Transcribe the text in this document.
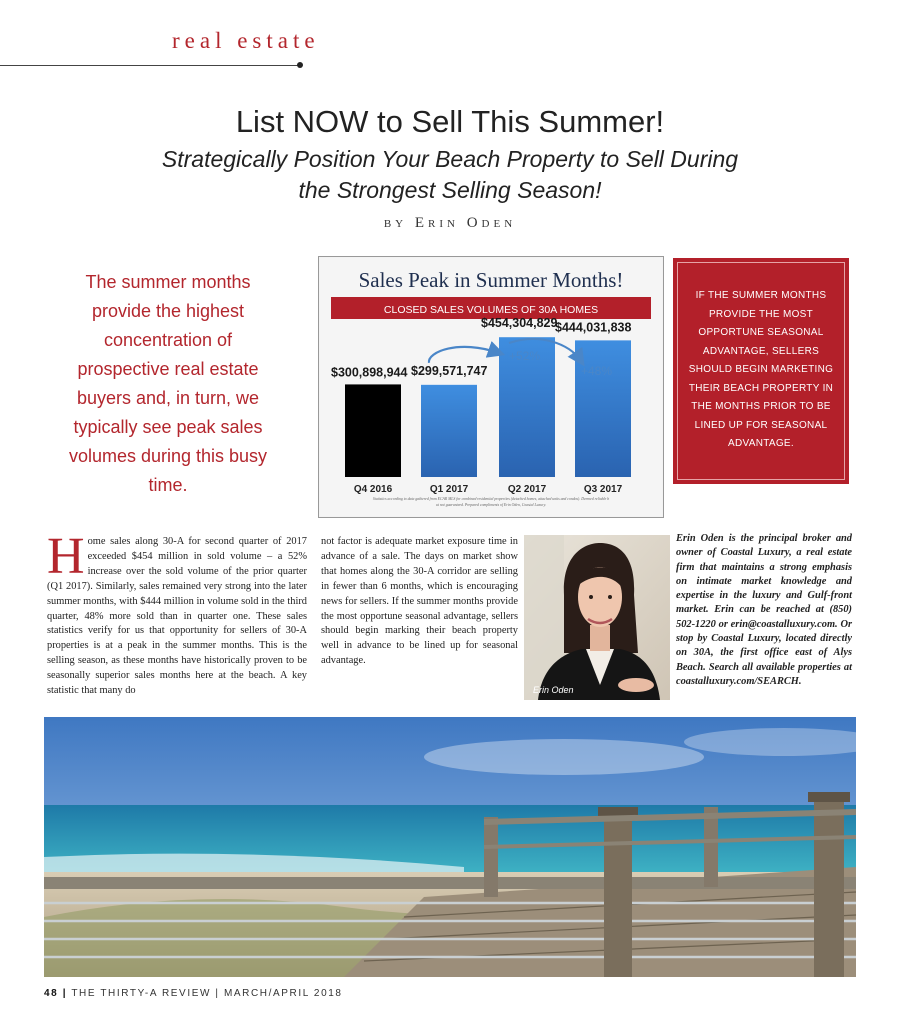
real estate
List NOW to Sell This Summer!
Strategically Position Your Beach Property to Sell During the Strongest Selling Season!
by Erin Oden
The summer months provide the highest concentration of prospective real estate buyers and, in turn, we typically see peak sales volumes during this busy time.
Sales Peak in Summer Months!
CLOSED SALES VOLUMES OF 30A HOMES
Q4 2016	Q1 2017	Q2 2017	Q3 2017
$300,898,944 $299,571,747
$454,304,829
$444,031,838
+52%
+48%
Statistics according to data gathered from ECAR MLS for combined residential properties (detached homes, attached units and condos). Deemed reliable b
ut not guaranteed. Prepared compliments of Erin Oden, Coastal Luxury.
IF THE SUMMER MONTHS PROVIDE THE MOST OPPORTUNE SEASONAL ADVANTAGE, SELLERS SHOULD BEGIN MARKETING THEIR BEACH PROPERTY IN THE MONTHS PRIOR TO BE LINED UP FOR SEASONAL ADVANTAGE.
Home sales along 30-A for second quarter of 2017 exceeded $454 million in sold volume – a 52% increase over the sold volume of the prior quarter (Q1 2017). Similarly, sales remained very strong into the later summer months, with $444 million in volume sold in the third quarter, 48% more sold than in quarter one. These sales statistics verify for us that opportunity for sellers of 30-A properties is at a peak in the summer months. This is the selling season, as these months have historically proven to be seasonally superior sales months here at the beach. A key statistic that many do
not factor is adequate market exposure time in advance of a sale. The days on market show that homes along the 30-A corridor are selling in fewer than 6 months, which is encouraging news for sellers. If the summer months provide the most opportune seasonal advantage, sellers should begin marking their beach property well in advance to be lined up for seasonal advantage.
Erin Oden
Erin Oden is the principal broker and owner of Coastal Luxury, a real estate firm that maintains a strong emphasis on intimate market knowledge and expertise in the luxury and Gulf-front market. Erin can be reached at (850) 502-1220 or erin@coastalluxury.com. Or stop by Coastal Luxury, located directly on 30A, the first office east of Alys Beach. Search all available properties at coastalluxury.com/SEARCH.
48 | THE THIRTY-A REVIEW | MARCH/APRIL 2018
